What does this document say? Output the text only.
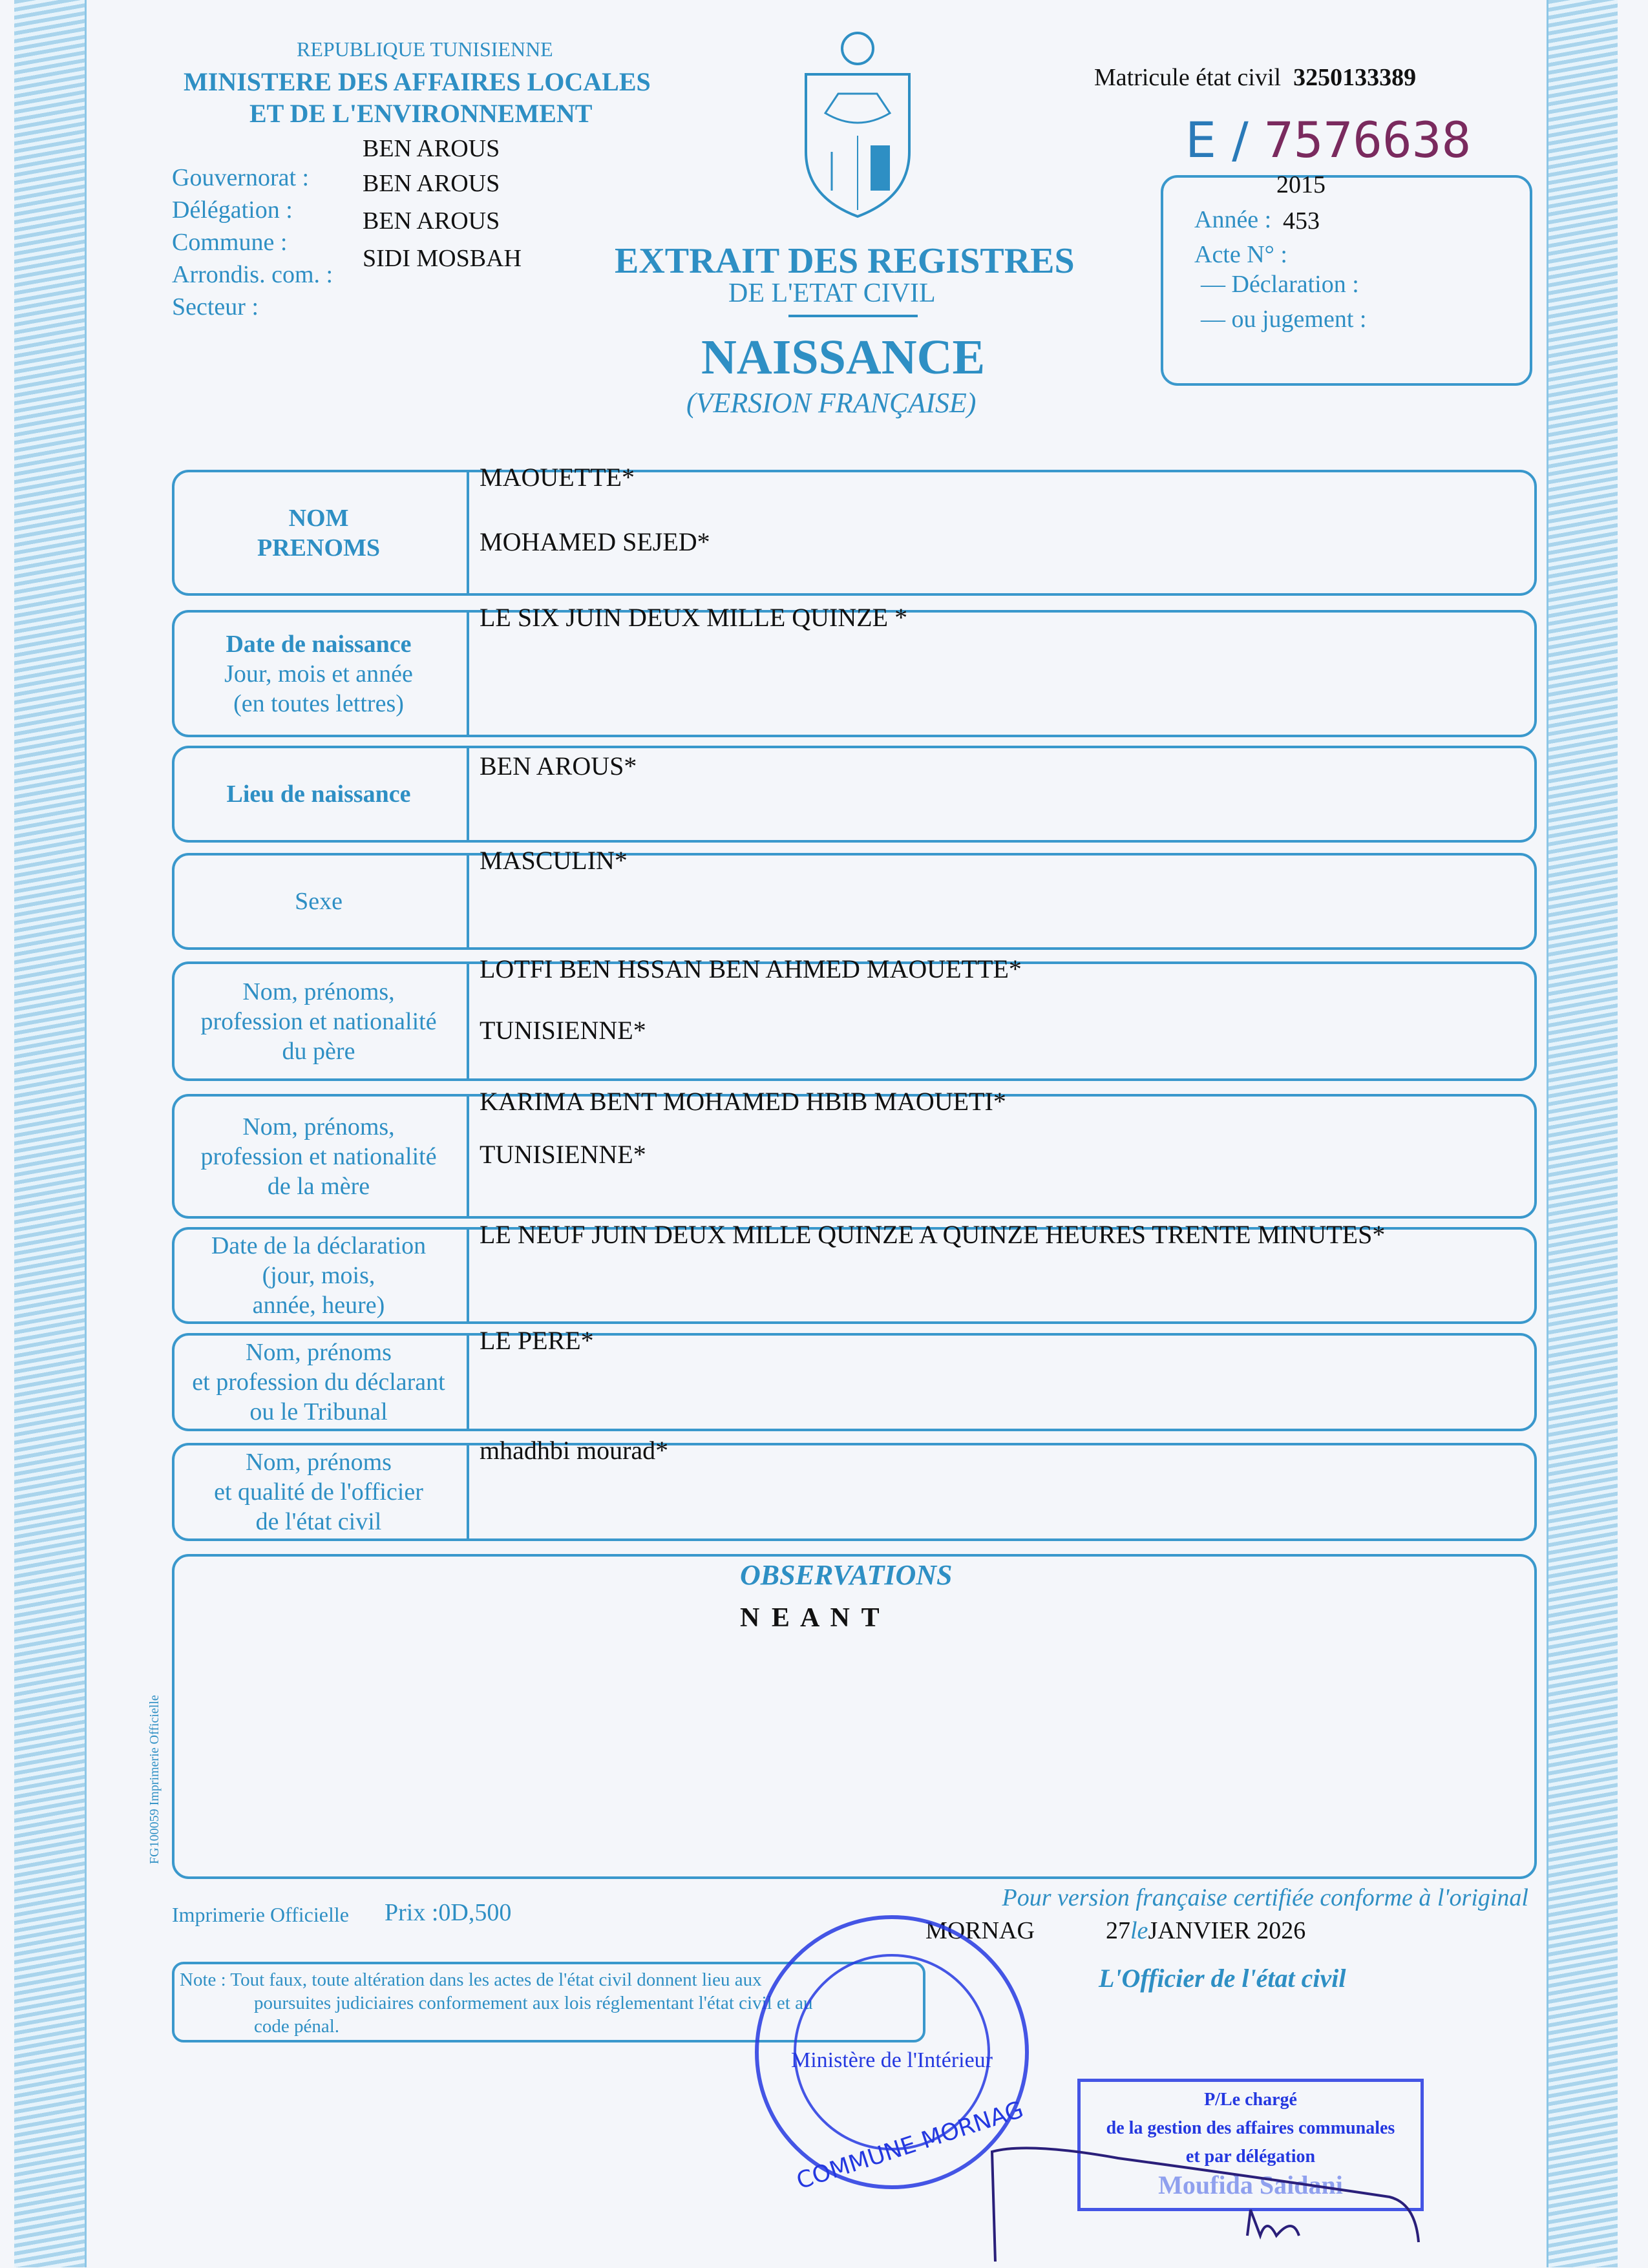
REPUBLIQUE TUNISIENNE
MINISTERE DES AFFAIRES LOCALES
ET DE L'ENVIRONNEMENT
Gouvernorat :
Délégation :
Commune :
Arrondis. com. :
Secteur :
BEN AROUS
BEN AROUS
BEN AROUS
SIDI MOSBAH
Matricule état civil 3250133389
E / 7576638
2015
Année : 453
Acte N° :
— Déclaration :
— ou jugement :
EXTRAIT DES REGISTRES
DE L'ETAT CIVIL
NAISSANCE
(VERSION FRANÇAISE)
NOM
PRENOMS
MAOUETTE*
MOHAMED SEJED*
Date de naissance
Jour, mois et année
(en toutes lettres)
LE SIX JUIN DEUX MILLE QUINZE *
Lieu de naissance
BEN AROUS*
Sexe
MASCULIN*
Nom, prénoms,
profession et nationalité
du père
LOTFI BEN HSSAN BEN AHMED MAOUETTE*
TUNISIENNE*
Nom, prénoms,
profession et nationalité
de la mère
KARIMA BENT MOHAMED HBIB MAOUETI*
TUNISIENNE*
Date de la déclaration
(jour, mois,
année, heure)
LE NEUF JUIN DEUX MILLE QUINZE A QUINZE HEURES TRENTE MINUTES*
Nom, prénoms
et profession du déclarant
ou le Tribunal
LE PERE*
Nom, prénoms
et qualité de l'officier
de l'état civil
mhadhbi mourad*
OBSERVATIONS
N E A N T
FG100059 Imprimerie Officielle
Imprimerie Officielle Prix :0D,500
Pour version française certifiée conforme à l'original
MORNAG	27leJANVIER 2026
L'Officier de l'état civil
Note : Tout faux, toute altération dans les actes de l'état civil donnent lieu aux
poursuites judiciaires conformement aux lois réglementant l'état civil et au
code pénal.
Ministère de l'Intérieur
COMMUNE MORNAG	P/Le chargé
de la gestion des affaires communales
et par délégation
Moufida Saidani
